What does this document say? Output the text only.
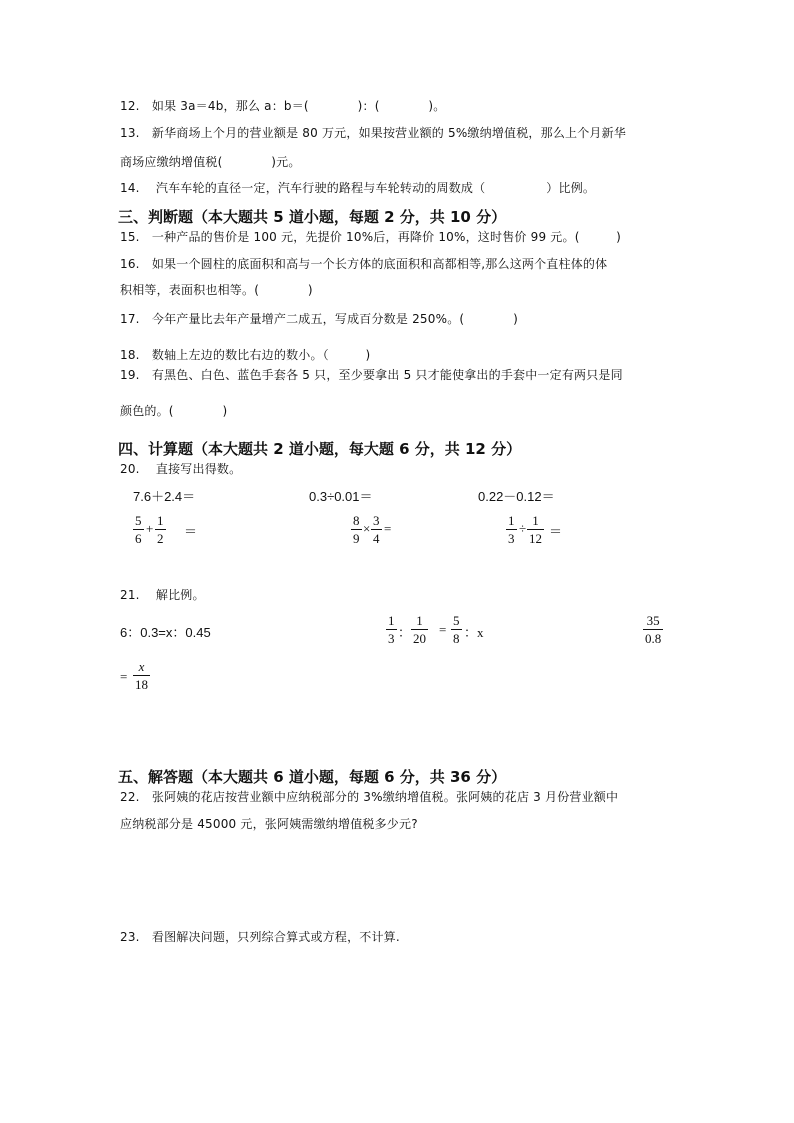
12.　如果 3a＝4b，那么 a：b＝(　　　　)：(　　　　)。
13.　新华商场上个月的营业额是 80 万元，如果按营业额的 5%缴纳增值税，那么上个月新华
商场应缴纳增值税(　　　　)元。
14.　 汽车车轮的直径一定，汽车行驶的路程与车轮转动的周数成（　　　　　）比例。
三、判断题（本大题共 5 道小题，每题 2 分，共 10 分）
15.　一种产品的售价是 100 元，先提价 10%后，再降价 10%，这时售价 99 元。(　　　)
16.　如果一个圆柱的底面积和高与一个长方体的底面积和高都相等,那么这两个直柱体的体
积相等，表面积也相等。(　　　　)
17.　今年产量比去年产量增产二成五，写成百分数是 250%。(　　　　)
18.　数轴上左边的数比右边的数小。（　　　)
19.　有黑色、白色、蓝色手套各 5 只，至少要拿出 5 只才能使拿出的手套中一定有两只是同
颜色的。(　　　　)
四、计算题（本大题共 2 道小题，每大题 6 分，共 12 分）
20.　 直接写出得数。
7.6＋2.4＝	0.3÷0.01＝	0.22－0.12＝
5
6
+
1
2 ＝
8
9
×
3
4
=
1
3
÷
1
12 ＝
21.　 解比例。
6：0.3=x：0.45
1
3 ：
1
20
=
5
8 ：x
35
0.8
=
x
18
五、解答题（本大题共 6 道小题，每题 6 分，共 36 分）
22.　张阿姨的花店按营业额中应纳税部分的 3%缴纳增值税。张阿姨的花店 3 月份营业额中
应纳税部分是 45000 元，张阿姨需缴纳增值税多少元?
23.　看图解决问题，只列综合算式或方程，不计算.
